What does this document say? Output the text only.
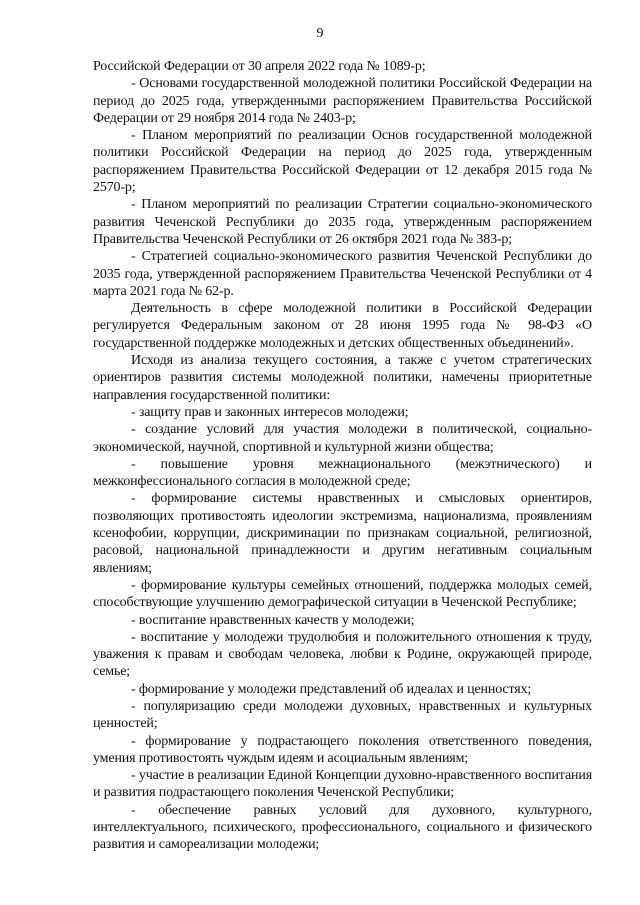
9

Российской Федерации от 30 апреля 2022 года № 1089-р;

- Основами государственной молодежной политики Российской Федерации на период до 2025 года, утвержденными распоряжением Правительства Российской Федерации от 29 ноября 2014 года № 2403-р;

- Планом мероприятий по реализации Основ государственной молодежной политики Российской Федерации на период до 2025 года, утвержденным распоряжением Правительства Российской Федерации от 12 декабря 2015 года № 2570-р;

- Планом мероприятий по реализации Стратегии социально-экономического развития Чеченской Республики до 2035 года, утвержденным распоряжением Правительства Чеченской Республики от 26 октября 2021 года № 383-р;

- Стратегией социально-экономического развития Чеченской Республики до 2035 года, утвержденной распоряжением Правительства Чеченской Республики от 4 марта 2021 года № 62-р.

Деятельность в сфере молодежной политики в Российской Федерации регулируется Федеральным законом от 28 июня 1995 года № 98-ФЗ «О государственной поддержке молодежных и детских общественных объединений».

Исходя из анализа текущего состояния, а также с учетом стратегических ориентиров развития системы молодежной политики, намечены приоритетные направления государственной политики:

- защиту прав и законных интересов молодежи;

- создание условий для участия молодежи в политической, социально-экономической, научной, спортивной и культурной жизни общества;

- повышение уровня межнационального (межэтнического) и межконфессионального согласия в молодежной среде;

- формирование системы нравственных и смысловых ориентиров, позволяющих противостоять идеологии экстремизма, национализма, проявлениям ксенофобии, коррупции, дискриминации по признакам социальной, религиозной, расовой, национальной принадлежности и другим негативным социальным явлениям;

- формирование культуры семейных отношений, поддержка молодых семей, способствующие улучшению демографической ситуации в Чеченской Республике;

- воспитание нравственных качеств у молодежи;

- воспитание у молодежи трудолюбия и положительного отношения к труду, уважения к правам и свободам человека, любви к Родине, окружающей природе, семье;

- формирование у молодежи представлений об идеалах и ценностях;

- популяризацию среди молодежи духовных, нравственных и культурных ценностей;

- формирование у подрастающего поколения ответственного поведения, умения противостоять чуждым идеям и асоциальным явлениям;

- участие в реализации Единой Концепции духовно-нравственного воспитания и развития подрастающего поколения Чеченской Республики;

- обеспечение равных условий для духовного, культурного, интеллектуального, психического, профессионального, социального и физического развития и самореализации молодежи;
